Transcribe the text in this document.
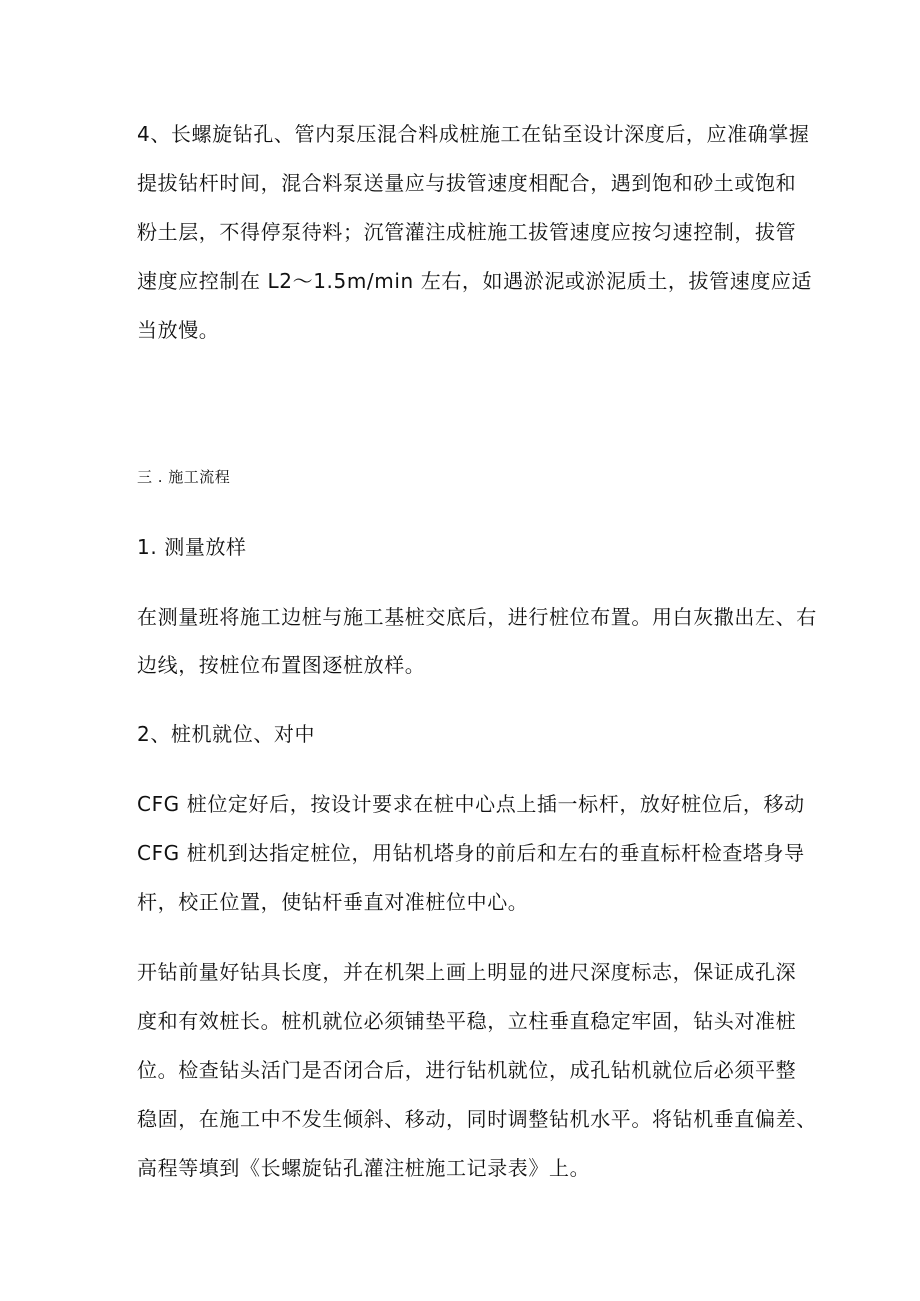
4、长螺旋钻孔、管内泵压混合料成桩施工在钻至设计深度后，应准确掌握
提拔钻杆时间，混合料泵送量应与拔管速度相配合，遇到饱和砂土或饱和
粉土层，不得停泵待料；沉管灌注成桩施工拔管速度应按匀速控制，拔管
速度应控制在 L2～1.5m/min 左右，如遇淤泥或淤泥质土，拔管速度应适
当放慢。
三 . 施工流程
1. 测量放样
在测量班将施工边桩与施工基桩交底后，进行桩位布置。用白灰撒出左、右
边线，按桩位布置图逐桩放样。
2、桩机就位、对中
CFG 桩位定好后，按设计要求在桩中心点上插一标杆，放好桩位后，移动
CFG 桩机到达指定桩位，用钻机塔身的前后和左右的垂直标杆检查塔身导
杆，校正位置，使钻杆垂直对准桩位中心。
开钻前量好钻具长度，并在机架上画上明显的进尺深度标志，保证成孔深
度和有效桩长。桩机就位必须铺垫平稳，立柱垂直稳定牢固，钻头对准桩
位。检查钻头活门是否闭合后，进行钻机就位，成孔钻机就位后必须平整
稳固，在施工中不发生倾斜、移动，同时调整钻机水平。将钻机垂直偏差、
高程等填到《长螺旋钻孔灌注桩施工记录表》上。
